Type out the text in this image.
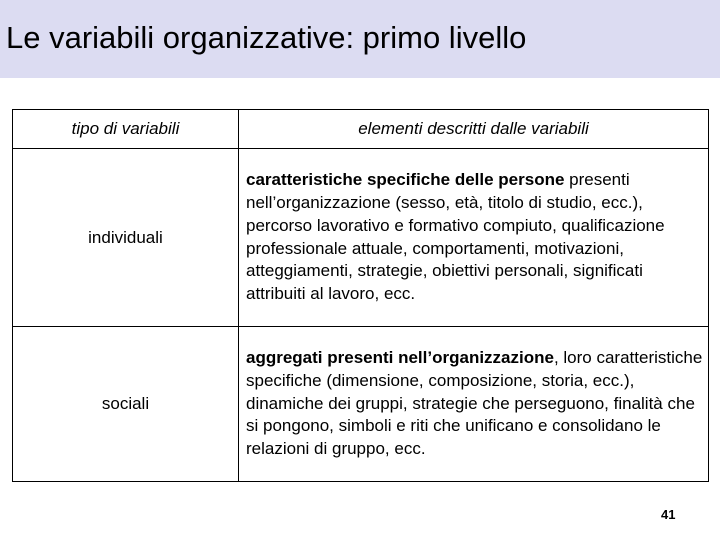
Le variabili organizzative: primo livello
tipo di variabili	elementi descritti dalle variabili
individuali	caratteristiche specifiche delle persone presenti nell’organizzazione (sesso, età, titolo di studio, ecc.), percorso lavorativo e formativo compiuto, qualificazione professionale attuale, comportamenti, motivazioni, atteggiamenti, strategie, obiettivi personali, significati attribuiti al lavoro, ecc.
sociali	aggregati presenti nell’organizzazione, loro caratteristiche specifiche (dimensione, composizione, storia, ecc.), dinamiche dei gruppi, strategie che perseguono, finalità che si pongono, simboli e riti che unificano e consolidano le relazioni di gruppo, ecc.
41
